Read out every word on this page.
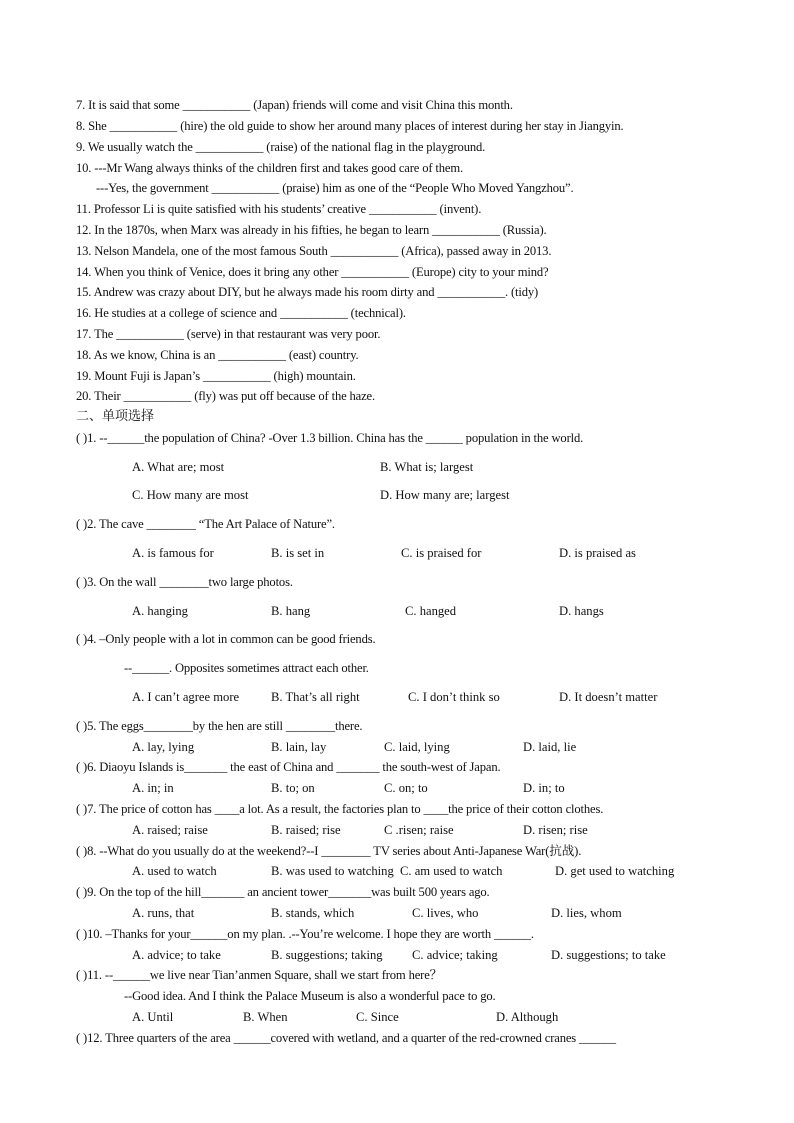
7. It is said that some ___________ (Japan) friends will come and visit China this month.
8. She ___________ (hire) the old guide to show her around many places of interest during her stay in Jiangyin.
9. We usually watch the ___________ (raise) of the national flag in the playground.
10. ---Mr Wang always thinks of the children first and takes good care of them.
---Yes, the government ___________ (praise) him as one of the “People Who Moved Yangzhou”.
11. Professor Li is quite satisfied with his students’ creative ___________ (invent).
12. In the 1870s, when Marx was already in his fifties, he began to learn ___________ (Russia).
13. Nelson Mandela, one of the most famous South ___________ (Africa), passed away in 2013.
14. When you think of Venice, does it bring any other ___________ (Europe) city to your mind?
15. Andrew was crazy about DIY, but he always made his room dirty and ___________. (tidy)
16. He studies at a college of science and ___________ (technical).
17. The ___________ (serve) in that restaurant was very poor.
18. As we know, China is an ___________ (east) country.
19. Mount Fuji is Japan’s ___________ (high) mountain.
20. Their ___________ (fly) was put off because of the haze.
二、单项选择
( )1. --______the population of China? -Over 1.3 billion. China has the ______ population in the world.
A. What are; most	B. What is; largest
C. How many are most	D. How many are; largest
( )2. The cave ________ “The Art Palace of Nature”.
A. is famous for	B. is set in	C. is praised for	D. is praised as
( )3. On the wall ________two large photos.
A. hanging	B. hang	C. hanged	D. hangs
( )4. –Only people with a lot in common can be good friends.
--______. Opposites sometimes attract each other.
A. I can’t agree more	B. That’s all right	C. I don’t think so	D. It doesn’t matter
( )5. The eggs________by the hen are still ________there.
A. lay, lying	B. lain, lay	C. laid, lying	D. laid, lie
( )6. Diaoyu Islands is_______ the east of China and _______ the south-west of Japan.
A. in; in	B. to; on	C. on; to	D. in; to
( )7. The price of cotton has ____a lot. As a result, the factories plan to ____the price of their cotton clothes.
A. raised; raise	B. raised; rise	C .risen; raise	D. risen; rise
( )8. --What do you usually do at the weekend?--I ________ TV series about Anti-Japanese War(抗战).
A. used to watch	B. was used to watching C. am used to watch	D. get used to watching
( )9. On the top of the hill_______ an ancient tower_______was built 500 years ago.
A. runs, that	B. stands, which	C. lives, who	D. lies, whom
( )10. –Thanks for your______on my plan. .--You’re welcome. I hope they are worth ______.
A. advice; to take	B. suggestions; taking C. advice; taking	D. suggestions; to take
( )11. --______we live near Tian’anmen Square, shall we start from here？
--Good idea. And I think the Palace Museum is also a wonderful pace to go.
A. Until	B. When	C. Since	D. Although
( )12. Three quarters of the area ______covered with wetland, and a quarter of the red-crowned cranes ______
